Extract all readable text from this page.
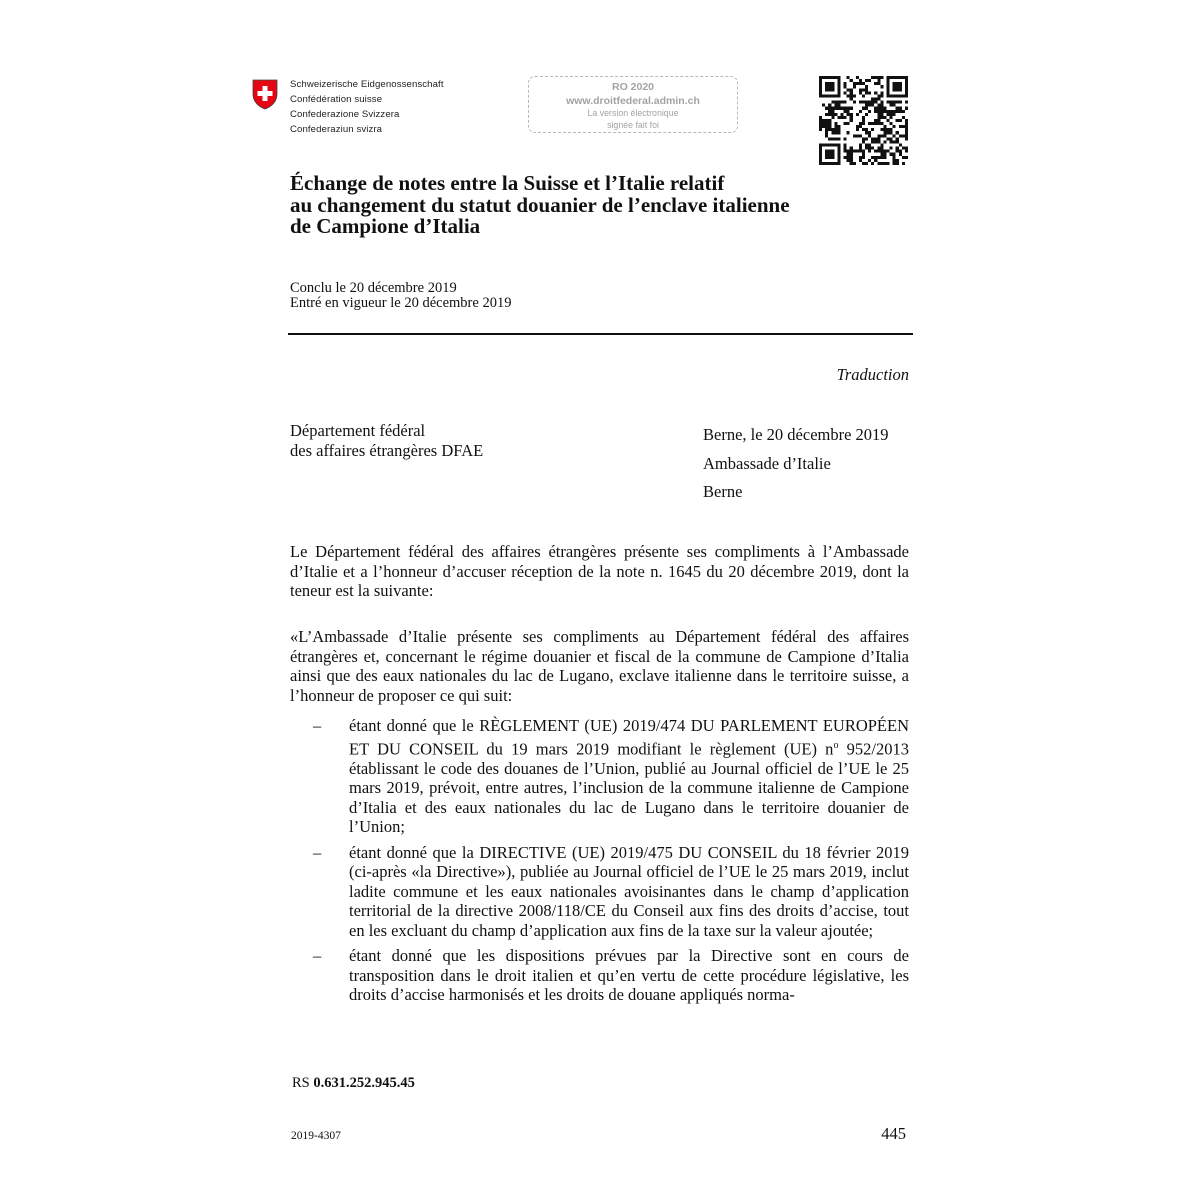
Schweizerische Eidgenossenschaft
Confédération suisse
Confederazione Svizzera
Confederaziun svizra
RO 2020
www.droitfederal.admin.ch
La version électronique
signée fait foi
Échange de notes entre la Suisse et l’Italie relatif
au changement du statut douanier de l’enclave italienne
de Campione d’Italia
Conclu le 20 décembre 2019
Entré en vigueur le 20 décembre 2019
Traduction
Département fédéral
des affaires étrangères DFAE
Berne, le 20 décembre 2019
Ambassade d’Italie
Berne
Le Département fédéral des affaires étrangères présente ses compliments à l’Ambassade d’Italie et a l’honneur d’accuser réception de la note n. 1645 du 20 décembre 2019, dont la teneur est la suivante:
«L’Ambassade d’Italie présente ses compliments au Département fédéral des affaires étrangères et, concernant le régime douanier et fiscal de la commune de Campione d’Italia ainsi que des eaux nationales du lac de Lugano, exclave italienne dans le territoire suisse, a l’honneur de proposer ce qui suit:
– étant donné que le RÈGLEMENT (UE) 2019/474 DU PARLEMENT EUROPÉEN ET DU CONSEIL du 19 mars 2019 modifiant le règlement (UE) $n^o$ 952/2013 établissant le code des douanes de l’Union, publié au Journal officiel de l’UE le 25 mars 2019, prévoit, entre autres, l’inclusion de la commune italienne de Campione d’Italia et des eaux nationales du lac de Lugano dans le territoire douanier de l’Union;
– étant donné que la DIRECTIVE (UE) 2019/475 DU CONSEIL du 18 février 2019 (ci-après «la Directive»), publiée au Journal officiel de l’UE le 25 mars 2019, inclut ladite commune et les eaux nationales avoisinantes dans le champ d’application territorial de la directive 2008/118/CE du Conseil aux fins des droits d’accise, tout en les excluant du champ d’application aux fins de la taxe sur la valeur ajoutée;
– étant donné que les dispositions prévues par la Directive sont en cours de transposition dans le droit italien et qu’en vertu de cette procédure législative, les droits d’accise harmonisés et les droits de douane appliqués norma-
RS 0.631.252.945.45
2019-4307	445
